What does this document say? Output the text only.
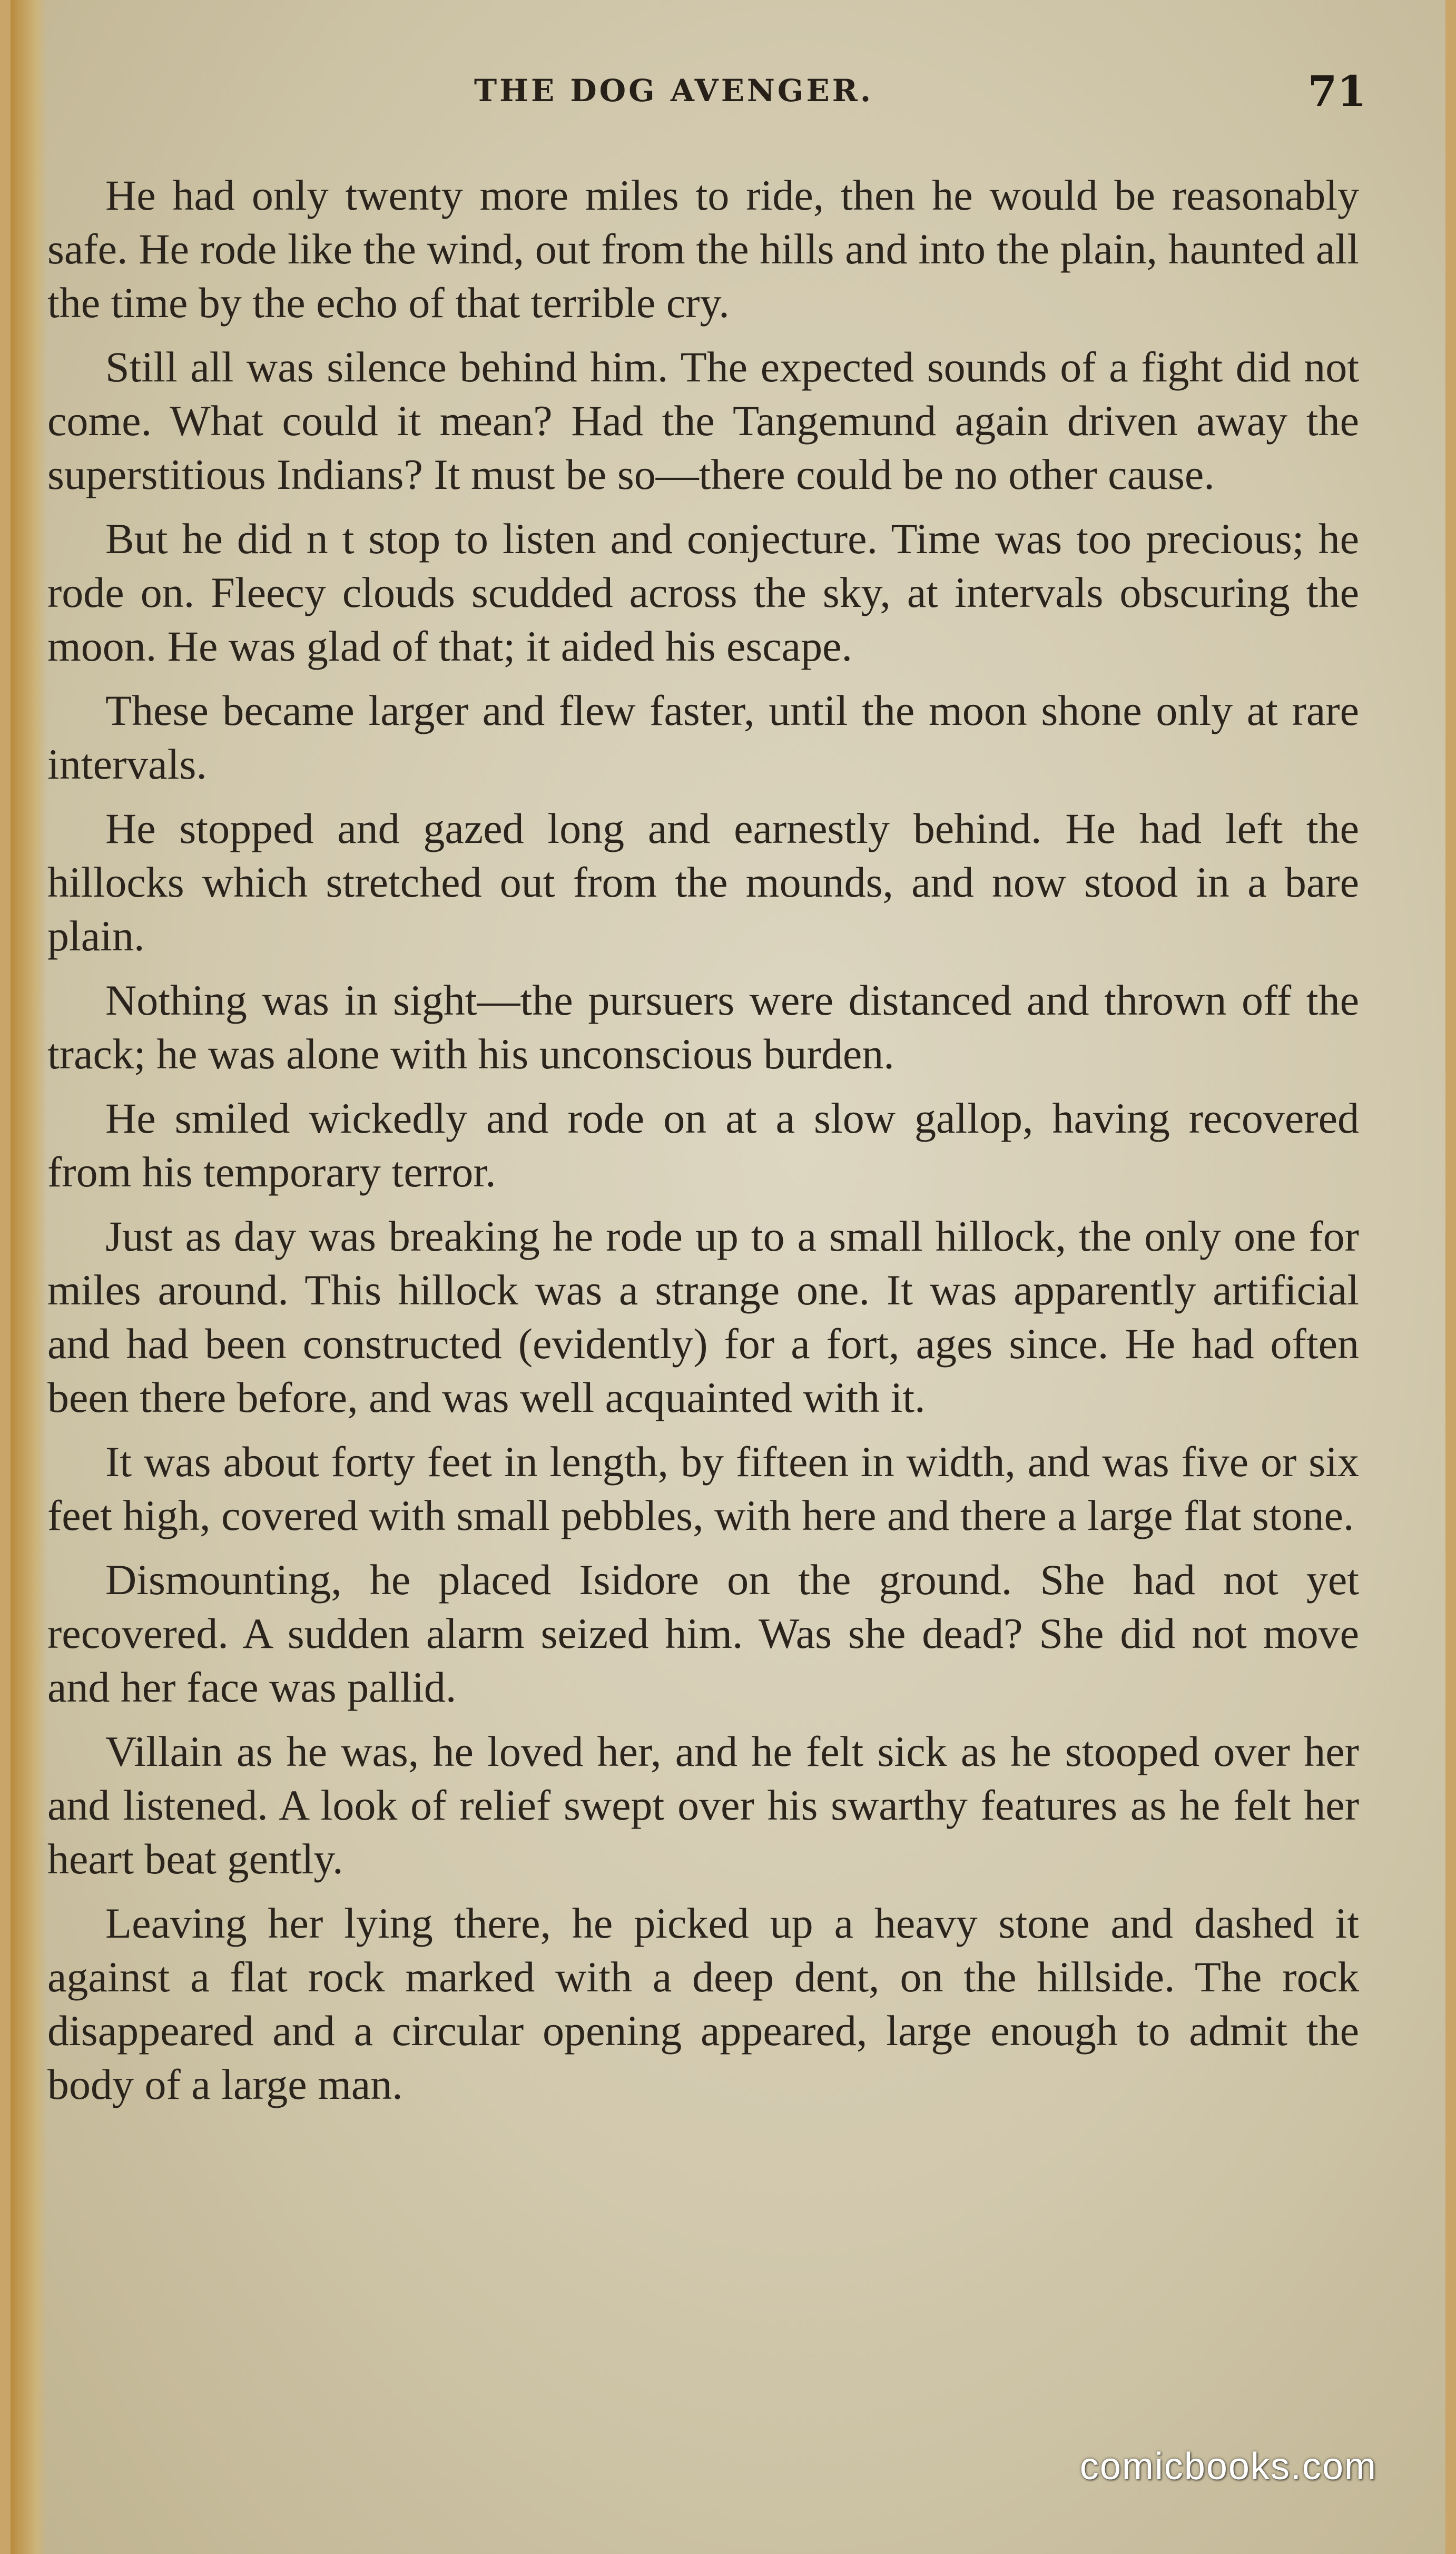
THE DOG AVENGER.	71

He had only twenty more miles to ride, then he would be reasonably safe. He rode like the wind, out from the hills and into the plain, haunted all the time by the echo of that terrible cry.

Still all was silence behind him. The expected sounds of a fight did not come. What could it mean? Had the Tangemund again driven away the superstitious Indians? It must be so—there could be no other cause.

But he did n t stop to listen and conjecture. Time was too precious; he rode on. Fleecy clouds scudded across the sky, at intervals obscuring the moon. He was glad of that; it aided his escape.

These became larger and flew faster, until the moon shone only at rare intervals.

He stopped and gazed long and earnestly behind. He had left the hillocks which stretched out from the mounds, and now stood in a bare plain.

Nothing was in sight—the pursuers were distanced and thrown off the track; he was alone with his unconscious burden.

He smiled wickedly and rode on at a slow gallop, having recovered from his temporary terror.

Just as day was breaking he rode up to a small hillock, the only one for miles around. This hillock was a strange one. It was apparently artificial and had been constructed (evidently) for a fort, ages since. He had often been there before, and was well acquainted with it.

It was about forty feet in length, by fifteen in width, and was five or six feet high, covered with small pebbles, with here and there a large flat stone.

Dismounting, he placed Isidore on the ground. She had not yet recovered. A sudden alarm seized him. Was she dead? She did not move and her face was pallid.

Villain as he was, he loved her, and he felt sick as he stooped over her and listened. A look of relief swept over his swarthy features as he felt her heart beat gently.

Leaving her lying there, he picked up a heavy stone and dashed it against a flat rock marked with a deep dent, on the hillside. The rock disappeared and a circular opening appeared, large enough to admit the body of a large man.

comicbooks.com
